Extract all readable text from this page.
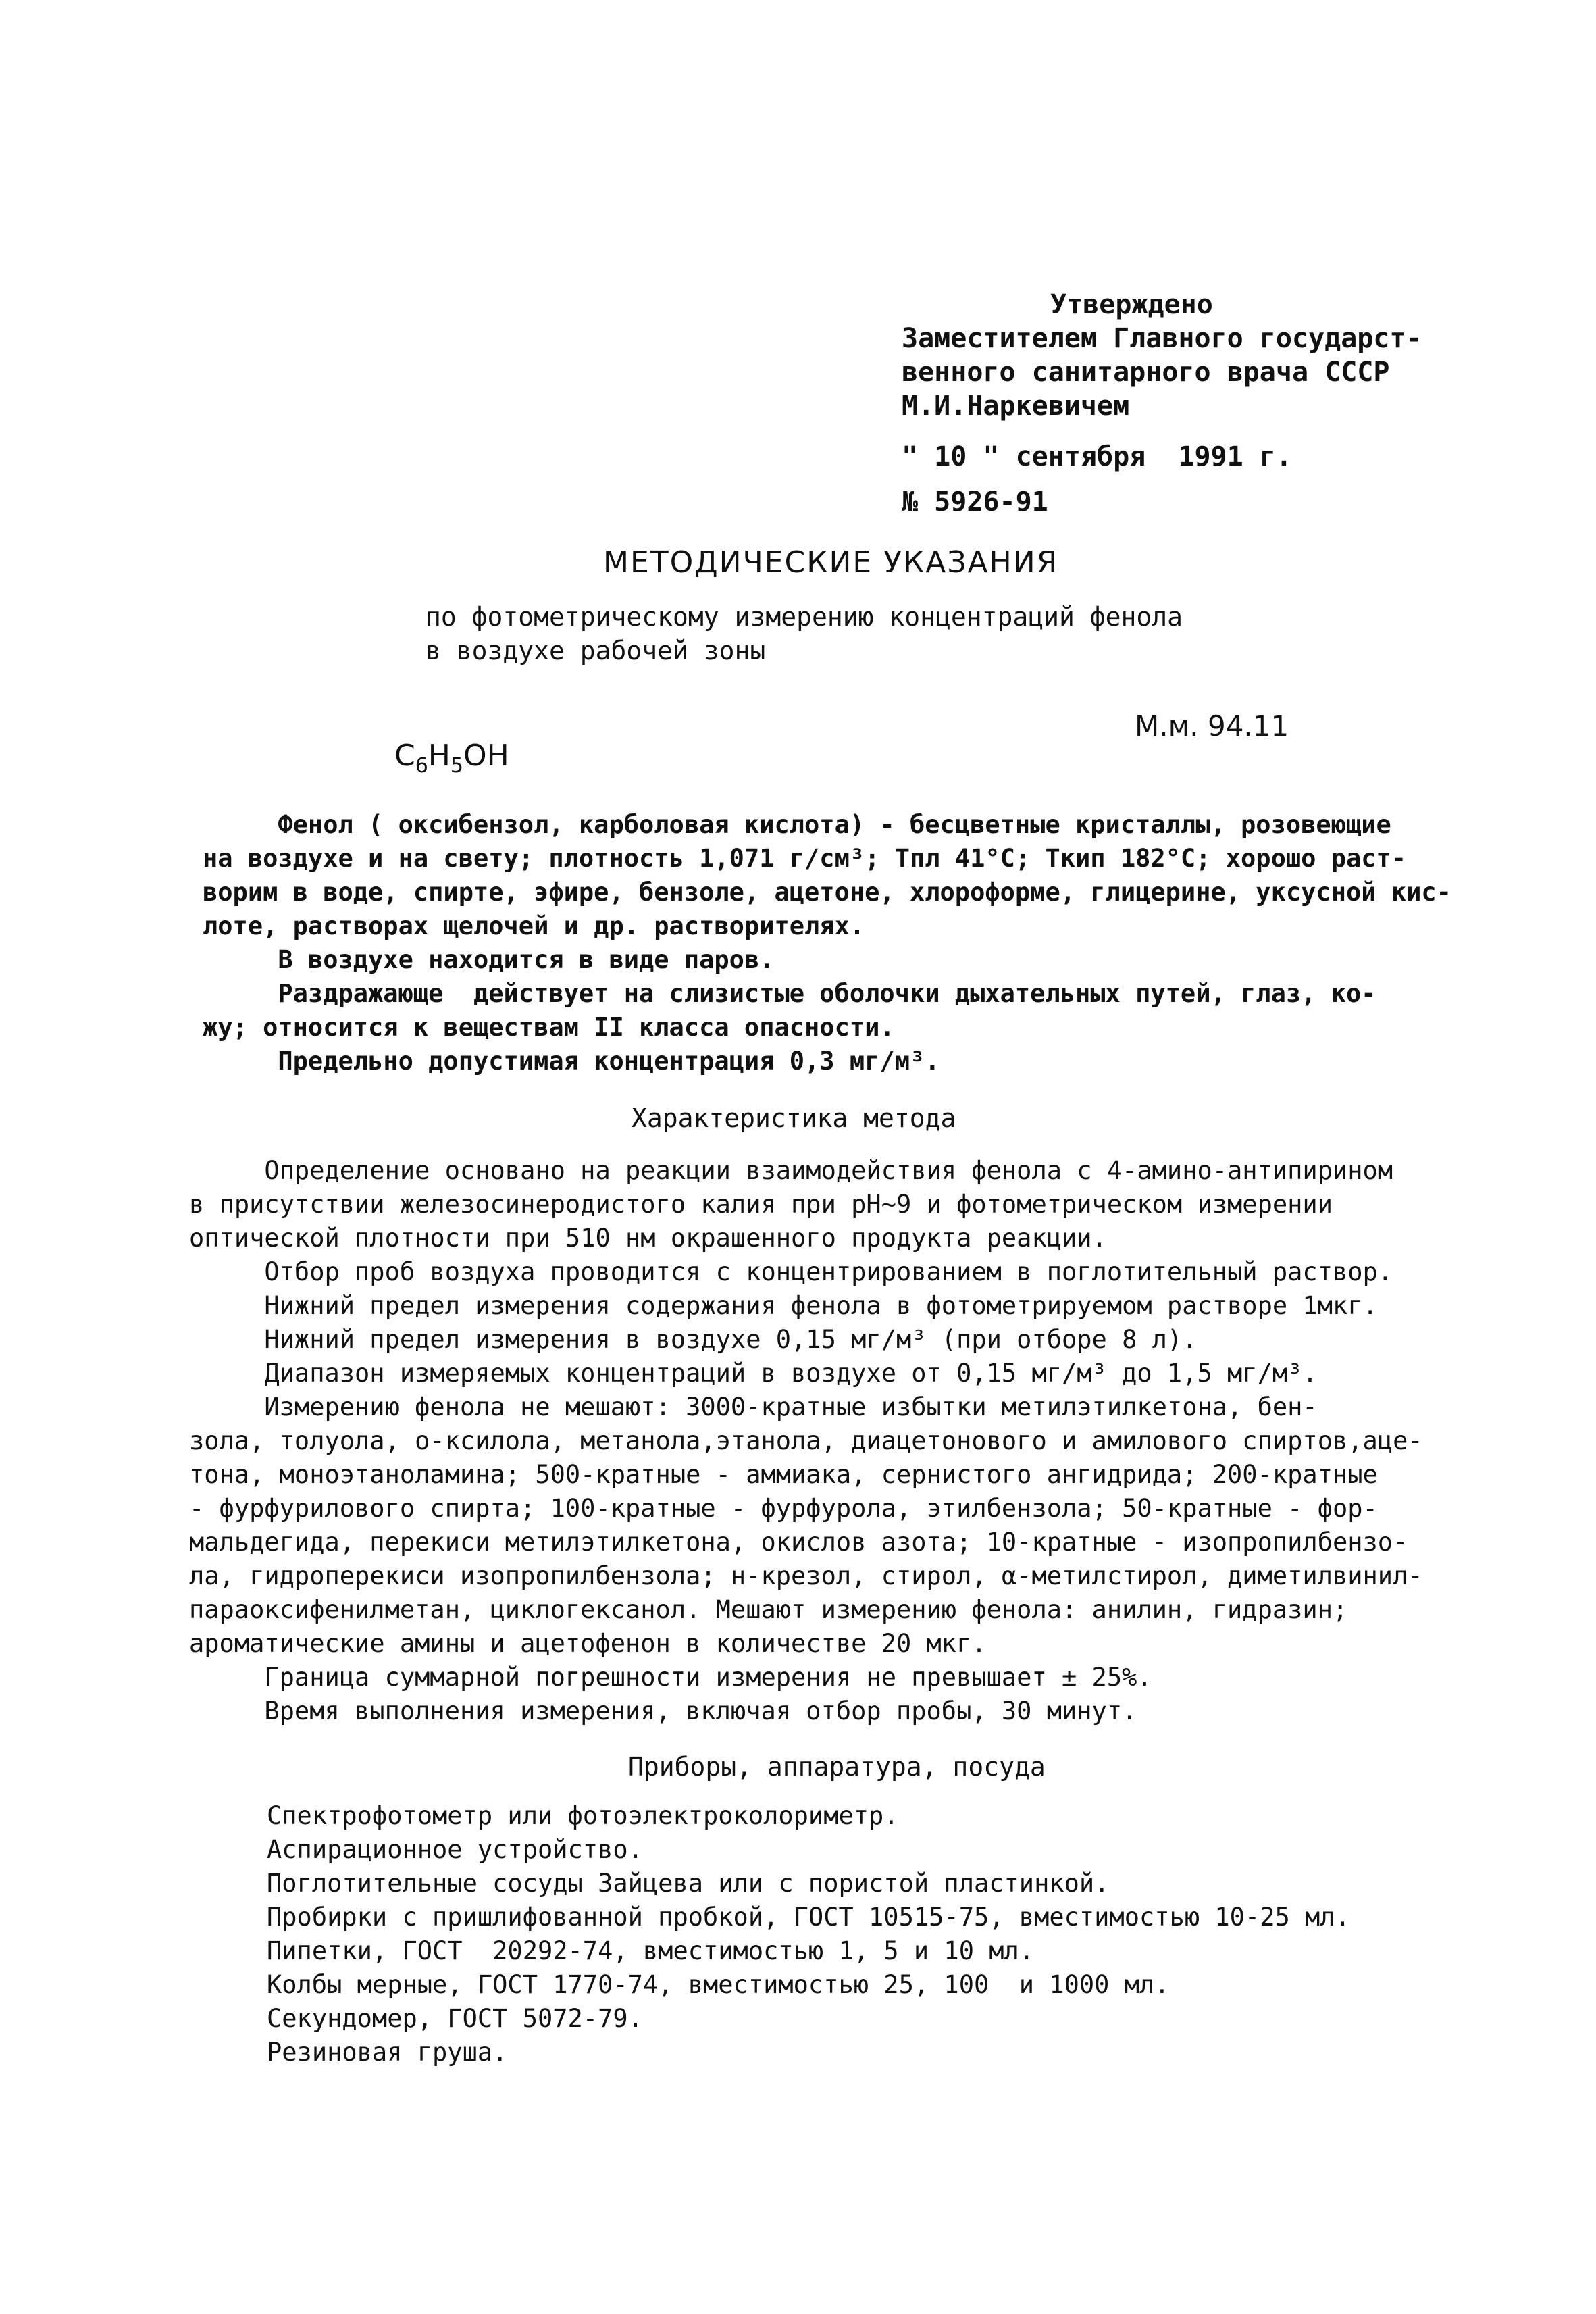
Утверждено
Заместителем Главного государст-
венного санитарного врача СССР
М.И.Наркевичем
" 10 " сентября  1991 г.
№ 5926-91
МЕТОДИЧЕСКИЕ УКАЗАНИЯ
по фотометрическому измерению концентраций фенола
в воздухе рабочей зоны

$C_6H_5OH$

М.м. 94.11
Фенол ( оксибензол, карболовая кислота) - бесцветные кристаллы, розовеющие
на воздухе и на свету; плотность 1,071 г/см³; Тпл 41°С; Ткип 182°С; хорошо раст-
ворим в воде, спирте, эфире, бензоле, ацетоне, хлороформе, глицерине, уксусной кис-
лоте, растворах щелочей и др. растворителях.
В воздухе находится в виде паров.
Раздражающе  действует на слизистые оболочки дыхательных путей, глаз, ко-
жу; относится к веществам II класса опасности.
Предельно допустимая концентрация 0,3 мг/м³.
Характеристика метода
Определение основано на реакции взаимодействия фенола с 4-амино-антипирином
в присутствии железосинеродистого калия при pH~9 и фотометрическом измерении
оптической плотности при 510 нм окрашенного продукта реакции.
Отбор проб воздуха проводится с концентрированием в поглотительный раствор.
Нижний предел измерения содержания фенола в фотометрируемом растворе 1мкг.
Нижний предел измерения в воздухе 0,15 мг/м³ (при отборе 8 л).
Диапазон измеряемых концентраций в воздухе от 0,15 мг/м³ до 1,5 мг/м³.
Измерению фенола не мешают: 3000-кратные избытки метилэтилкетона, бен-
зола, толуола, о-ксилола, метанола,этанола, диацетонового и амилового спиртов,аце-
тона, моноэтаноламина; 500-кратные - аммиака, сернистого ангидрида; 200-кратные
- фурфурилового спирта; 100-кратные - фурфурола, этилбензола; 50-кратные - фор-
мальдегида, перекиси метилэтилкетона, окислов азота; 10-кратные - изопропилбензо-
ла, гидроперекиси изопропилбензола; н-крезол, стирол, α-метилстирол, диметилвинил-
параоксифенилметан, циклогексанол. Мешают измерению фенола: анилин, гидразин;
ароматические амины и ацетофенон в количестве 20 мкг.
Граница суммарной погрешности измерения не превышает ± 25%.
Время выполнения измерения, включая отбор пробы, 30 минут.
Приборы, аппаратура, посуда
Спектрофотометр или фотоэлектроколориметр.
Аспирационное устройство.
Поглотительные сосуды Зайцева или с пористой пластинкой.
Пробирки с пришлифованной пробкой, ГОСТ 10515-75, вместимостью 10-25 мл.
Пипетки, ГОСТ  20292-74, вместимостью 1, 5 и 10 мл.
Колбы мерные, ГОСТ 1770-74, вместимостью 25, 100  и 1000 мл.
Секундомер, ГОСТ 5072-79.
Резиновая груша.
